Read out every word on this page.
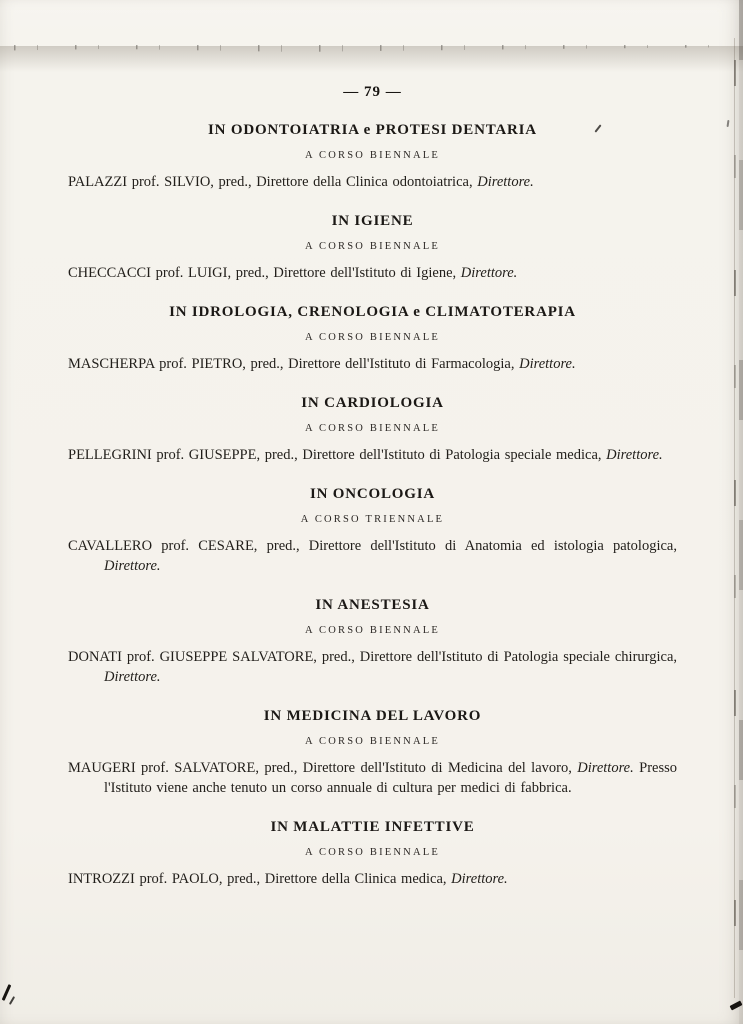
— 79 —
IN ODONTOIATRIA e PROTESI DENTARIA
A CORSO BIENNALE

PALAZZI prof. SILVIO, pred., Direttore della Clinica odontoiatrica, Direttore.

IN IGIENE
A CORSO BIENNALE

CHECCACCI prof. LUIGI, pred., Direttore dell'Istituto di Igiene, Direttore.

IN IDROLOGIA, CRENOLOGIA e CLIMATOTERAPIA
A CORSO BIENNALE

MASCHERPA prof. PIETRO, pred., Direttore dell'Istituto di Farmacologia, Direttore.

IN CARDIOLOGIA
A CORSO BIENNALE

PELLEGRINI prof. GIUSEPPE, pred., Direttore dell'Istituto di Patologia speciale medica, Direttore.

IN ONCOLOGIA
A CORSO TRIENNALE

CAVALLERO prof. CESARE, pred., Direttore dell'Istituto di Anatomia ed istologia patologica, Direttore.

IN ANESTESIA
A CORSO BIENNALE

DONATI prof. GIUSEPPE SALVATORE, pred., Direttore dell'Istituto di Patologia speciale chirurgica, Direttore.

IN MEDICINA DEL LAVORO
A CORSO BIENNALE

MAUGERI prof. SALVATORE, pred., Direttore dell'Istituto di Medicina del lavoro, Direttore. Presso l'Istituto viene anche tenuto un corso annuale di cultura per medici di fabbrica.

IN MALATTIE INFETTIVE
A CORSO BIENNALE

INTROZZI prof. PAOLO, pred., Direttore della Clinica medica, Direttore.
